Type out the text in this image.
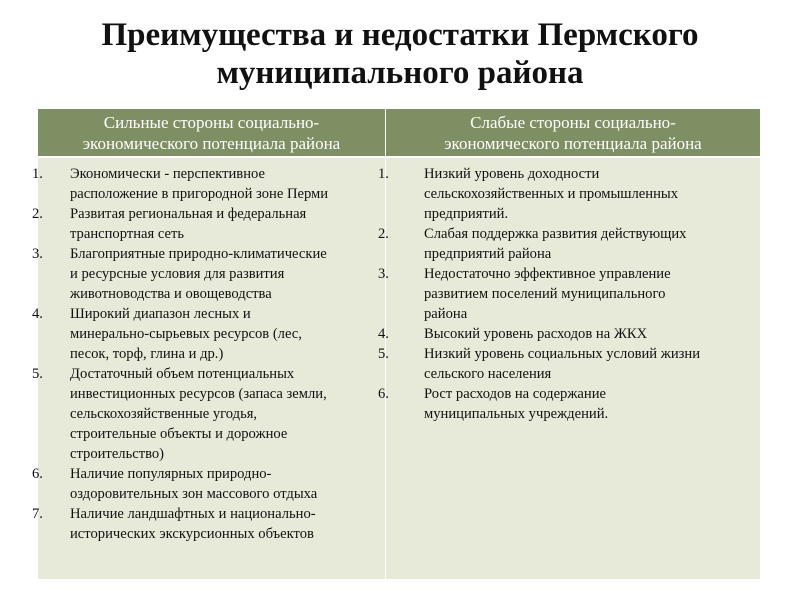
Преимущества и недостатки Пермского
муниципального района
Сильные стороны социально-
экономического потенциала района
Слабые стороны социально-
экономического потенциала района
1. Экономически - перспективное
расположение в пригородной зоне Перми
2. Развитая региональная и федеральная
транспортная сеть
3. Благоприятные природно-климатические
и ресурсные условия для развития
животноводства и овощеводства
4. Широкий диапазон лесных и
минерально-сырьевых ресурсов (лес,
песок, торф, глина и др.)
5. Достаточный объем потенциальных
инвестиционных ресурсов (запаса земли,
сельскохозяйственные угодья,
строительные объекты и дорожное
строительство)
6. Наличие популярных природно-
оздоровительных зон массового отдыха
7. Наличие ландшафтных и национально-
исторических экскурсионных объектов
1. Низкий уровень доходности
сельскохозяйственных и промышленных
предприятий.
2. Слабая поддержка развития действующих
предприятий района
3. Недостаточно эффективное управление
развитием поселений муниципального
района
4. Высокий уровень расходов на ЖКХ
5. Низкий уровень социальных условий жизни
сельского населения
6. Рост расходов на содержание
муниципальных учреждений.
